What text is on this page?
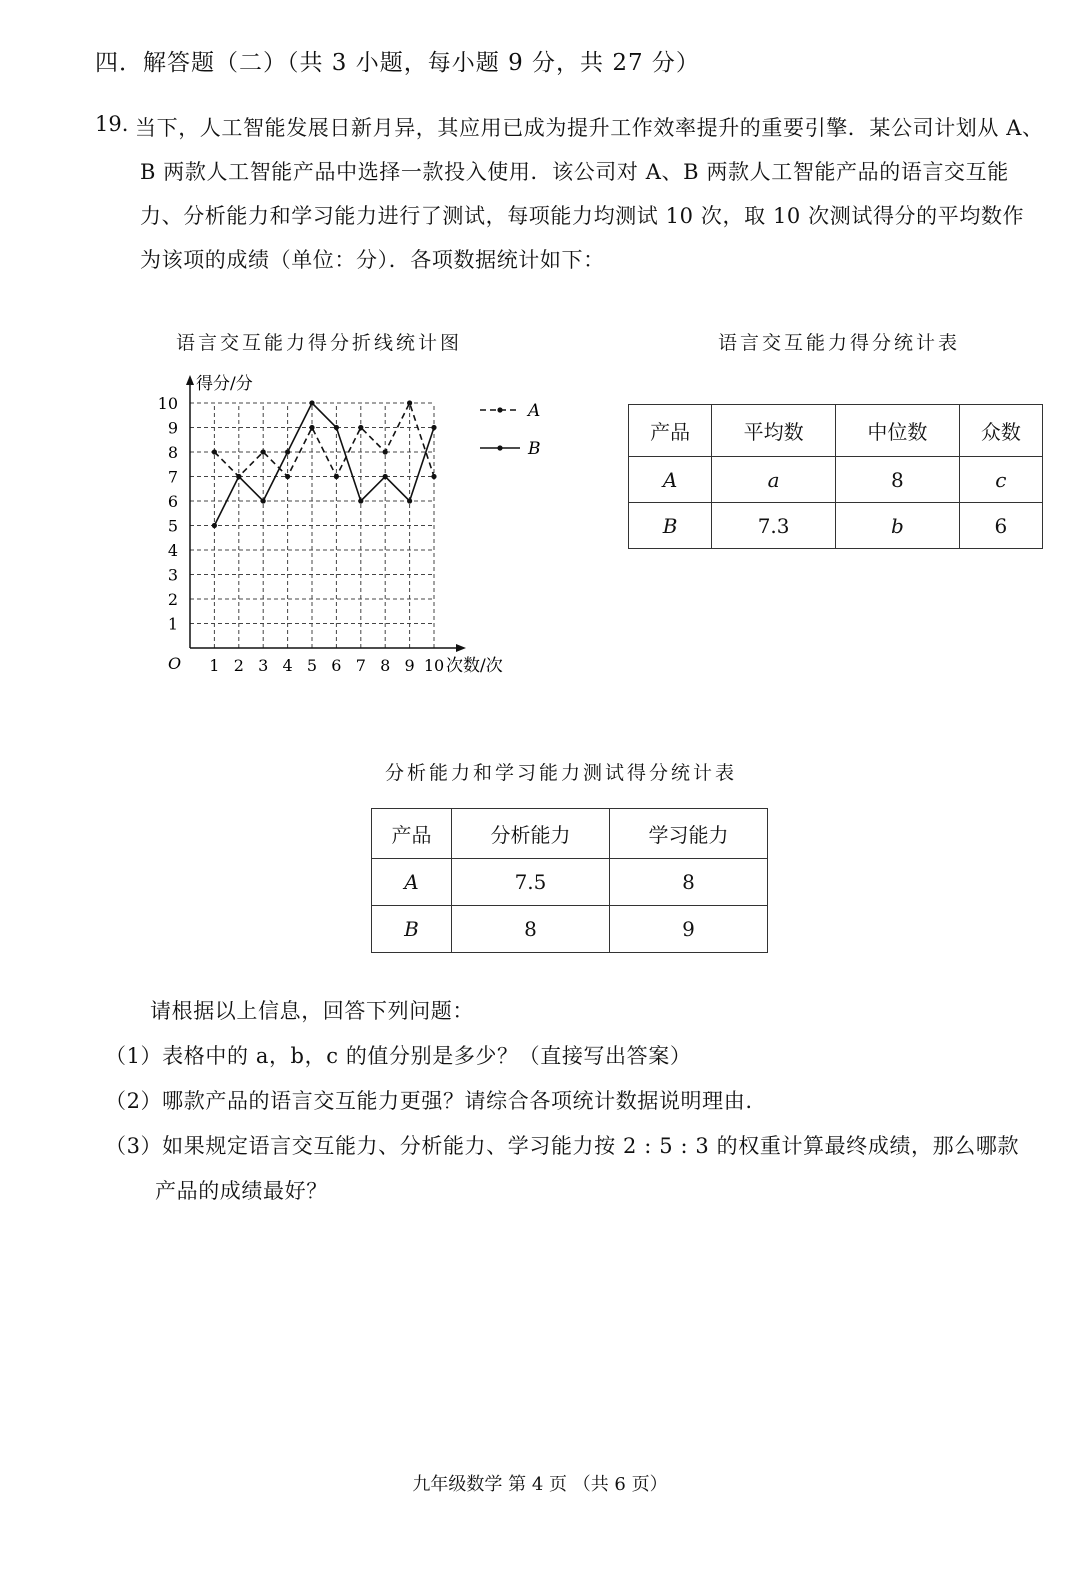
四．解答题（二）（共 3 小题，每小题 9 分，共 27 分）
19. 当下，人工智能发展日新月异，其应用已成为提升工作效率提升的重要引擎．某公司计划从 A、
B 两款人工智能产品中选择一款投入使用．该公司对 A、B 两款人工智能产品的语言交互能
力、分析能力和学习能力进行了测试，每项能力均测试 10 次，取 10 次测试得分的平均数作
为该项的成绩（单位：分）．各项数据统计如下：
语言交互能力得分折线统计图
得分/分
次数/次
O 1 2 3 4 5 6 7 8 9 10
1
2
3
4
5
6
7
8
9
10	A
B
语言交互能力得分统计表
产品	平均数	中位数	众数
A	a	8	c
B	7.3	b	6
分析能力和学习能力测试得分统计表
产品	分析能力	学习能力
A	7.5	8
B	8	9
请根据以上信息，回答下列问题：
（1）表格中的 a，b，c 的值分别是多少？（直接写出答案）
（2）哪款产品的语言交互能力更强？请综合各项统计数据说明理由.
（3）如果规定语言交互能力、分析能力、学习能力按 2 : 5 : 3 的权重计算最终成绩，那么哪款
产品的成绩最好？
九年级数学 第 4 页 （共 6 页）
